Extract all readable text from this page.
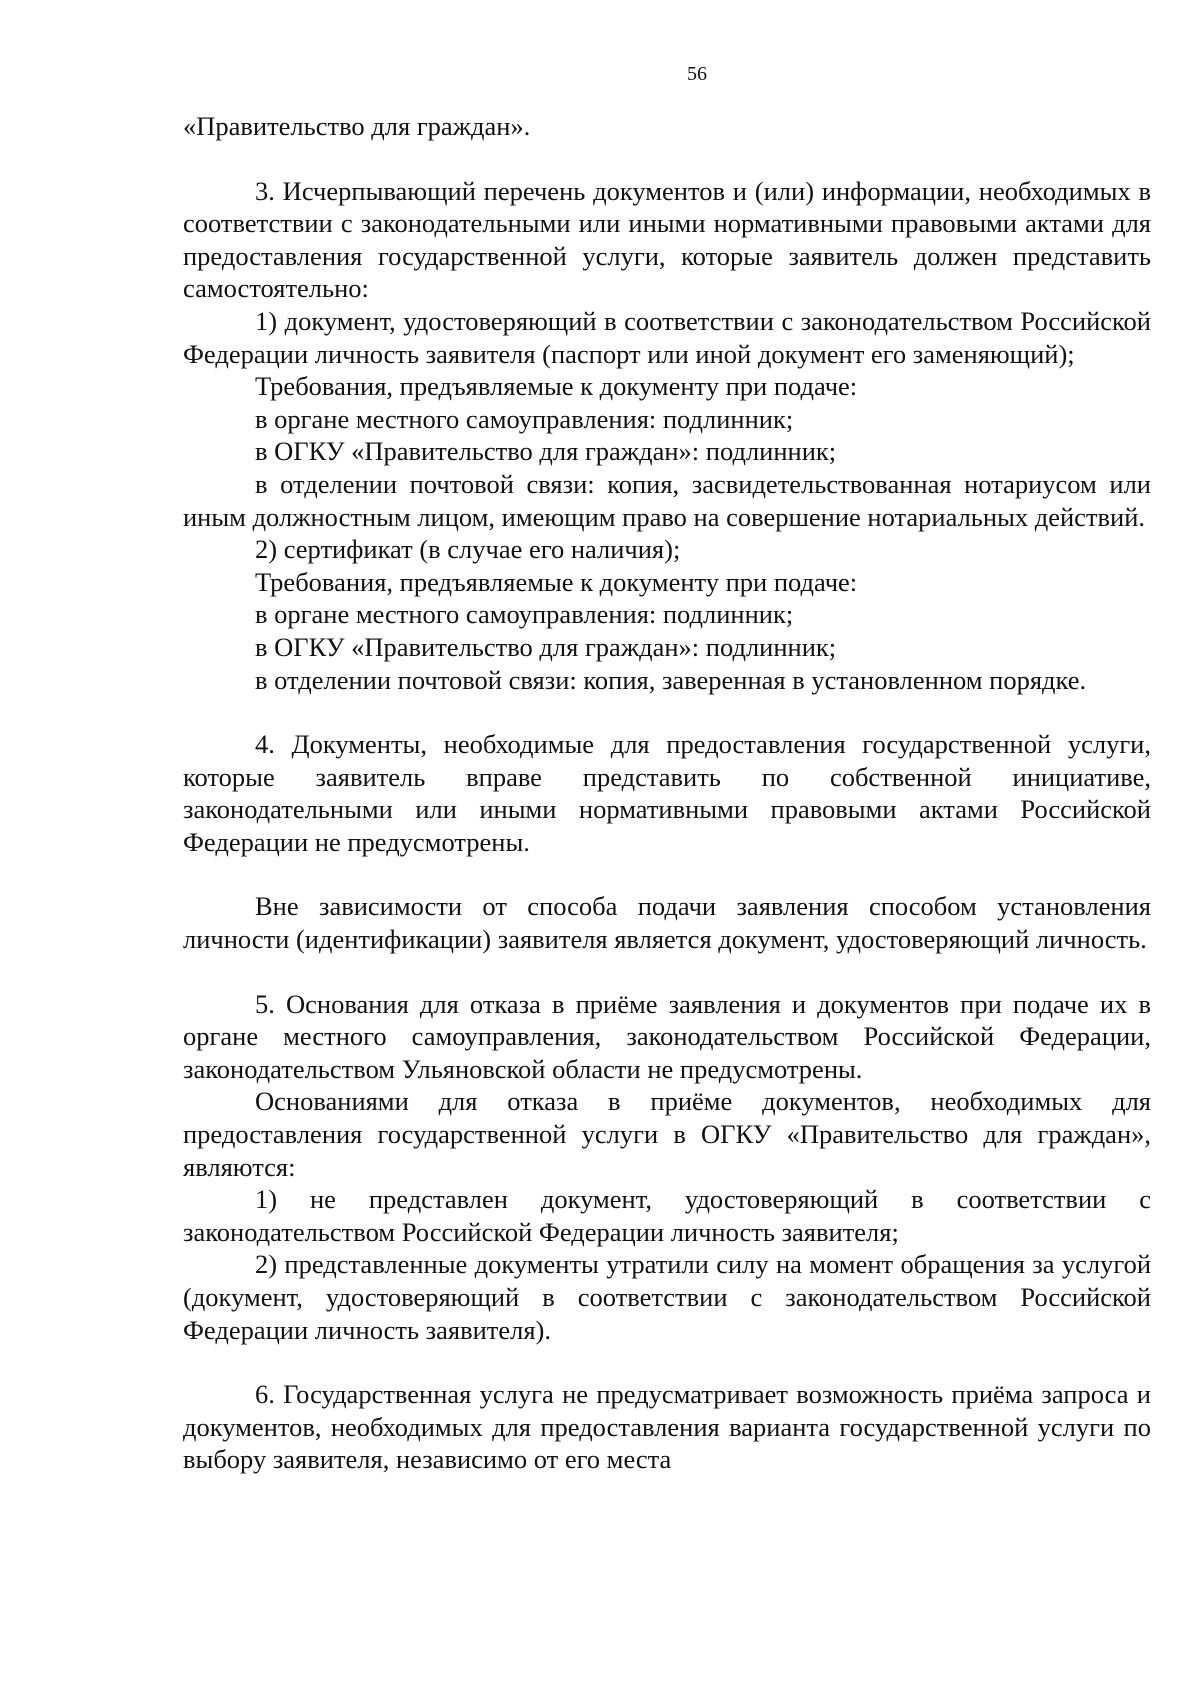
56

«Правительство для граждан».

3. Исчерпывающий перечень документов и (или) информации, необходимых в соответствии с законодательными или иными нормативными правовыми актами для предоставления государственной услуги, которые заявитель должен представить самостоятельно:

1) документ, удостоверяющий в соответствии с законодательством Российской Федерации личность заявителя (паспорт или иной документ его заменяющий);

Требования, предъявляемые к документу при подаче:

в органе местного самоуправления: подлинник;

в ОГКУ «Правительство для граждан»: подлинник;

в отделении почтовой связи: копия, засвидетельствованная нотариусом или иным должностным лицом, имеющим право на совершение нотариальных действий.

2) сертификат (в случае его наличия);

Требования, предъявляемые к документу при подаче:

в органе местного самоуправления: подлинник;

в ОГКУ «Правительство для граждан»: подлинник;

в отделении почтовой связи: копия, заверенная в установленном порядке.

4. Документы, необходимые для предоставления государственной услуги, которые заявитель вправе представить по собственной инициативе, законодательными или иными нормативными правовыми актами Российской Федерации не предусмотрены.

Вне зависимости от способа подачи заявления способом установления личности (идентификации) заявителя является документ, удостоверяющий личность.

5. Основания для отказа в приёме заявления и документов при подаче их в органе местного самоуправления, законодательством Российской Федерации, законодательством Ульяновской области не предусмотрены.

Основаниями для отказа в приёме документов, необходимых для предоставления государственной услуги в ОГКУ «Правительство для граждан», являются:

1) не представлен документ, удостоверяющий в соответствии с законодательством Российской Федерации личность заявителя;

2) представленные документы утратили силу на момент обращения за услугой (документ, удостоверяющий в соответствии с законодательством Российской Федерации личность заявителя).

6. Государственная услуга не предусматривает возможность приёма запроса и документов, необходимых для предоставления варианта государственной услуги по выбору заявителя, независимо от его места
